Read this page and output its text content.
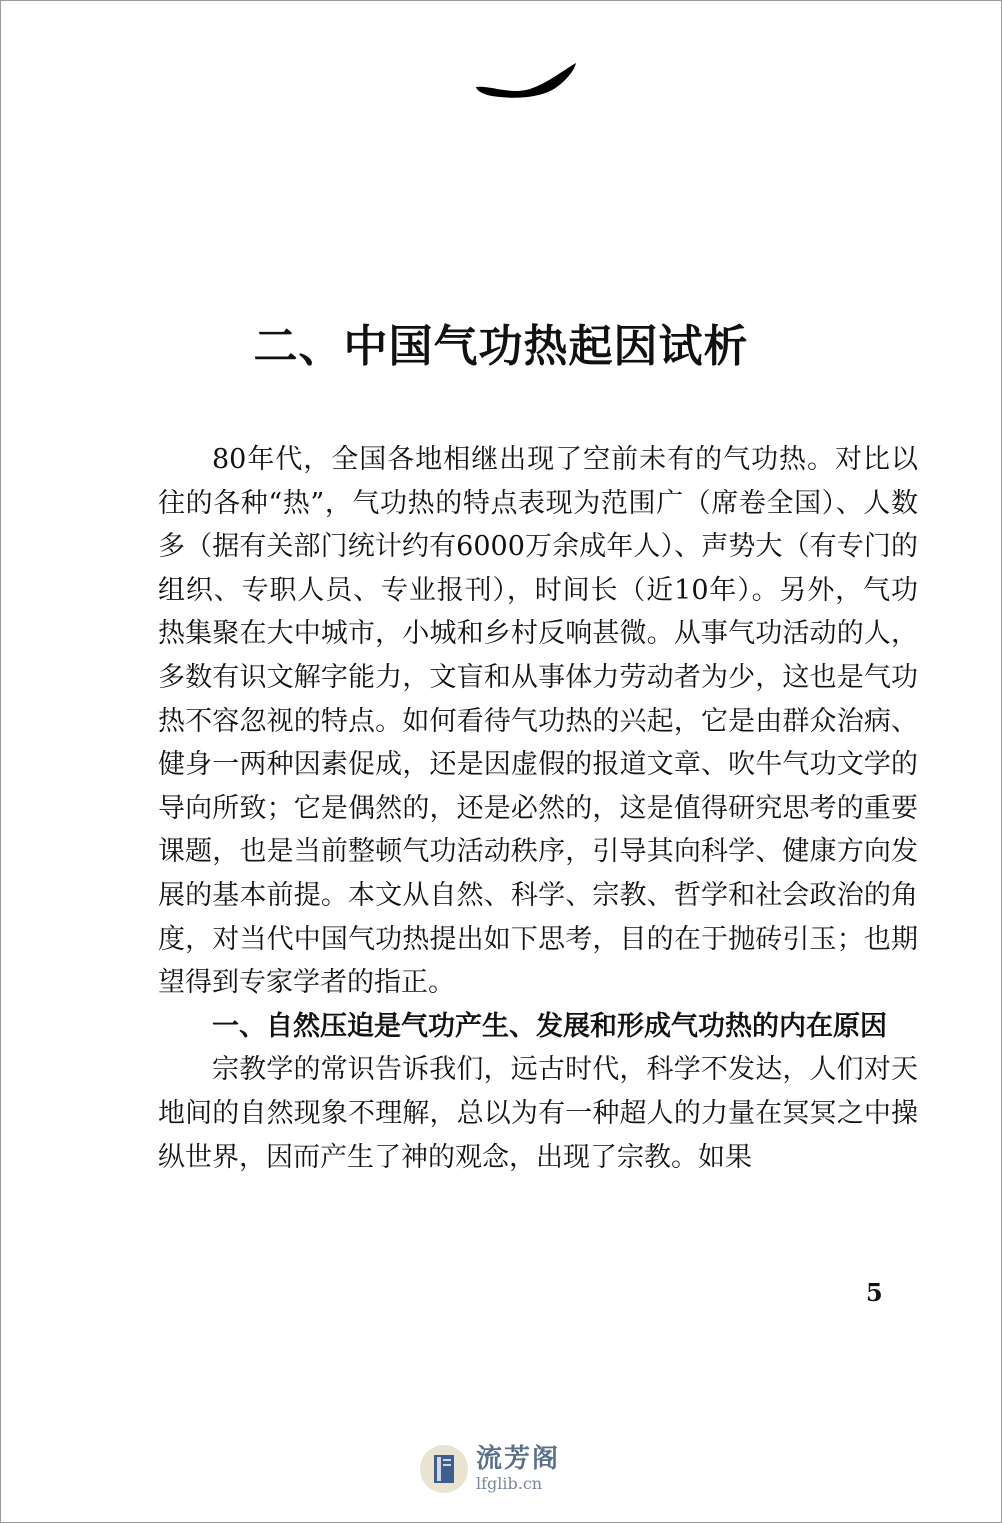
二、中国气功热起因试析

80年代，全国各地相继出现了空前未有的气功热。对比以往的各种“热”，气功热的特点表现为范围广（席卷全国）、人数多（据有关部门统计约有6000万余成年人）、声势大（有专门的组织、专职人员、专业报刊），时间长（近10年）。另外，气功热集聚在大中城市，小城和乡村反响甚微。从事气功活动的人，多数有识文解字能力，文盲和从事体力劳动者为少，这也是气功热不容忽视的特点。如何看待气功热的兴起，它是由群众治病、健身一两种因素促成，还是因虚假的报道文章、吹牛气功文学的导向所致；它是偶然的，还是必然的，这是值得研究思考的重要课题，也是当前整顿气功活动秩序，引导其向科学、健康方向发展的基本前提。本文从自然、科学、宗教、哲学和社会政治的角度，对当代中国气功热提出如下思考，目的在于抛砖引玉；也期望得到专家学者的指正。

一、自然压迫是气功产生、发展和形成气功热的内在原因

宗教学的常识告诉我们，远古时代，科学不发达，人们对天地间的自然现象不理解，总以为有一种超人的力量在冥冥之中操纵世界，因而产生了神的观念，出现了宗教。如果

5
流芳阁
lfglib.cn
